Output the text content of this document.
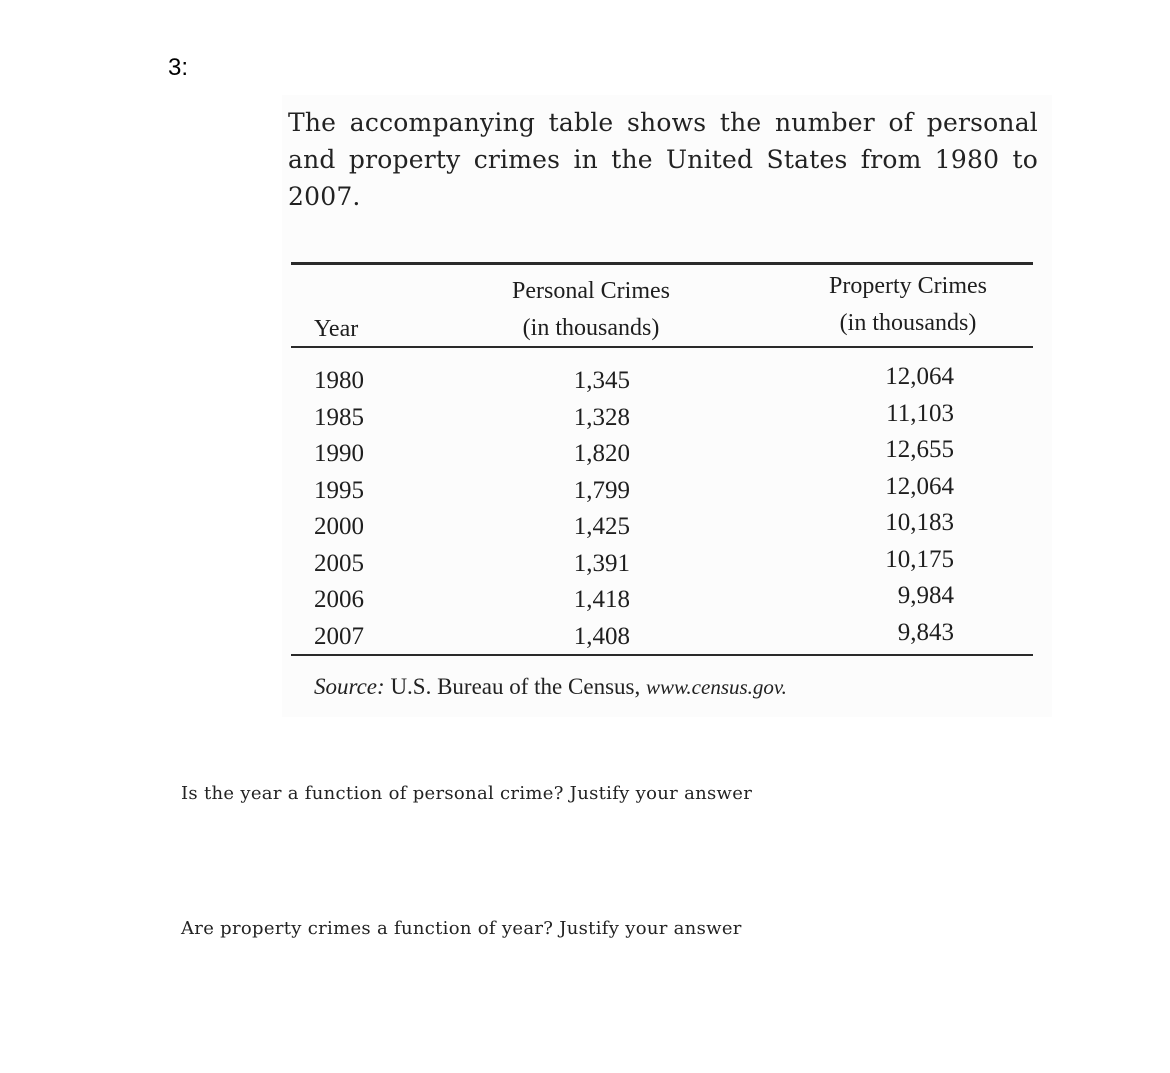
3:
The accompanying table shows the number of personal and property crimes in the United States from 1980 to 2007.
Year
Personal Crimes
(in thousands)
Property Crimes
(in thousands)
1980
1985
1990
1995
2000
2005
2006
2007
1,345
1,328
1,820
1,799
1,425
1,391
1,418
1,408
12,064
11,103
12,655
12,064
10,183
10,175
9,984
9,843
Source: U.S. Bureau of the Census, www.census.gov.
Is the year a function of personal crime? Justify your answer
Are property crimes a function of year? Justify your answer
